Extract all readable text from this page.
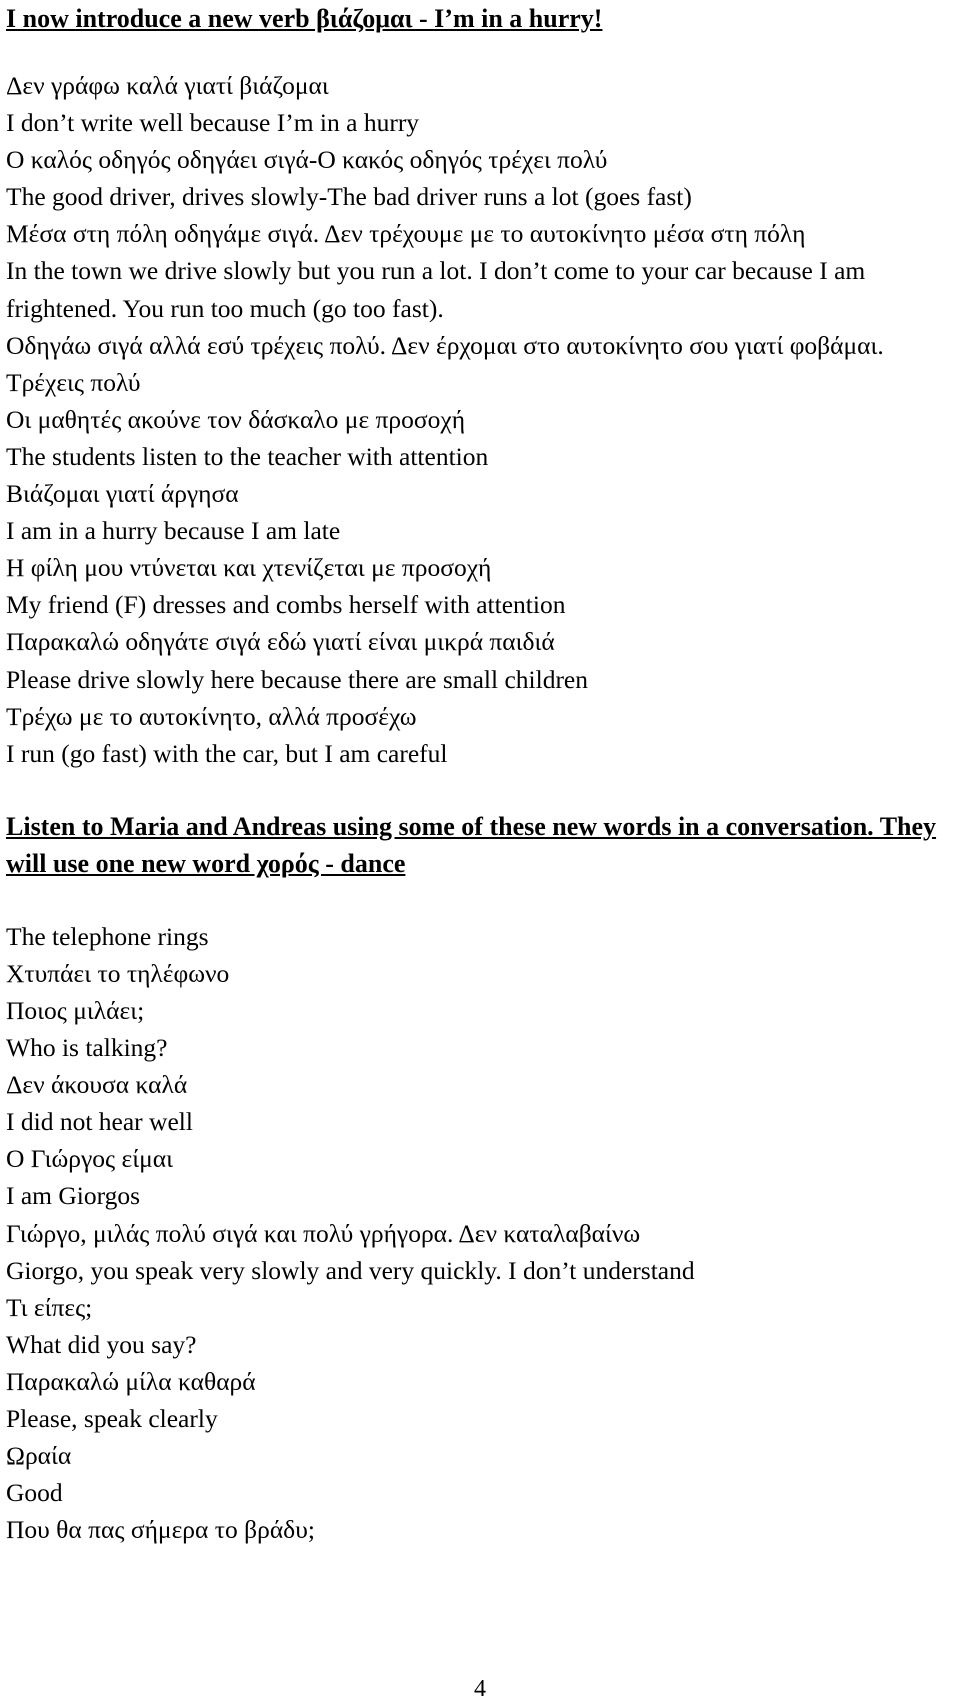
I now introduce a new verb βιάζομαι - I’m in a hurry!

Δεν γράφω καλά γιατί βιάζομαι

I don’t write well because I’m in a hurry

Ο καλός οδηγός οδηγάει σιγά-Ο κακός οδηγός τρέχει πολύ

The good driver, drives slowly-The bad driver runs a lot (goes fast)

Μέσα στη πόλη οδηγάμε σιγά. Δεν τρέχουμε με το αυτοκίνητο μέσα στη πόλη

In the town we drive slowly but you run a lot. I don’t come to your car because I am frightened. You run too much (go too fast).

Οδηγάω σιγά αλλά εσύ τρέχεις πολύ. Δεν έρχομαι στο αυτοκίνητο σου γιατί φοβάμαι. Τρέχεις πολύ

Οι μαθητές ακούνε τον δάσκαλο με προσοχή

The students listen to the teacher with attention

Βιάζομαι γιατί άργησα

I am in a hurry because I am late

Η φίλη μου ντύνεται και χτενίζεται με προσοχή

My friend (F) dresses and combs herself with attention

Παρακαλώ οδηγάτε σιγά εδώ γιατί είναι μικρά παιδιά

Please drive slowly here because there are small children

Τρέχω με το αυτοκίνητο, αλλά προσέχω

I run (go fast) with the car, but I am careful

Listen to Maria and Andreas using some of these new words in a conversation. They will use one new word χορός - dance

The telephone rings

Χτυπάει το τηλέφωνο

Ποιος μιλάει;

Who is talking?

Δεν άκουσα καλά

I did not hear well

Ο Γιώργος είμαι

I am Giorgos

Γιώργο, μιλάς πολύ σιγά και πολύ γρήγορα. Δεν καταλαβαίνω

Giorgo, you speak very slowly and very quickly. I don’t understand

Τι είπες;

What did you say?

Παρακαλώ μίλα καθαρά

Please, speak clearly

Ωραία

Good

Που θα πας σήμερα το βράδυ;

4
